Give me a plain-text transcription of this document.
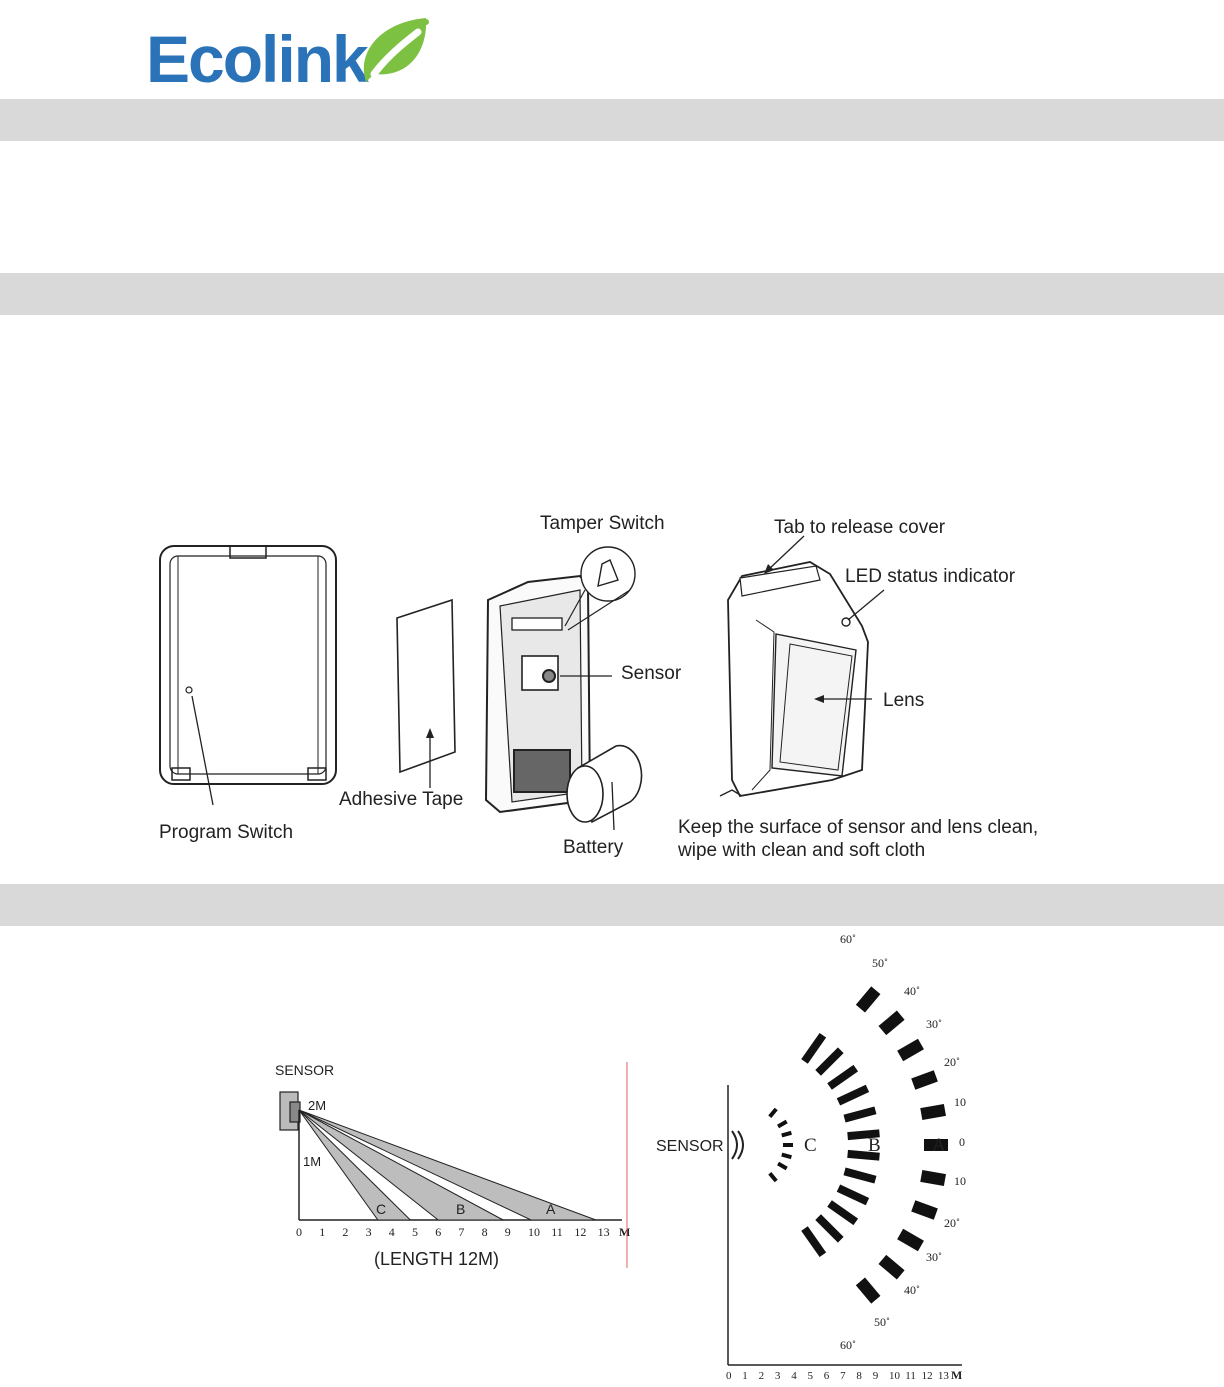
Ecolink
Program Switch
Adhesive Tape
Tamper Switch
Sensor
Battery
Tab to release cover
LED status indicator
Lens
Keep the surface of sensor and lens clean,
wipe with clean and soft cloth
SENSOR
2M
1M
C	B	A
0 1 2 3 4 5 6 7 8 9 10 11 12 13 M
(LENGTH 12M)
SENSOR	C	B	A
60˚
50˚
40˚
30˚
20˚
10
0
10
20˚
30˚
40˚
50˚
60˚
0 1 2 3 4 5 6 7 8 9 10 11 12 13 M
